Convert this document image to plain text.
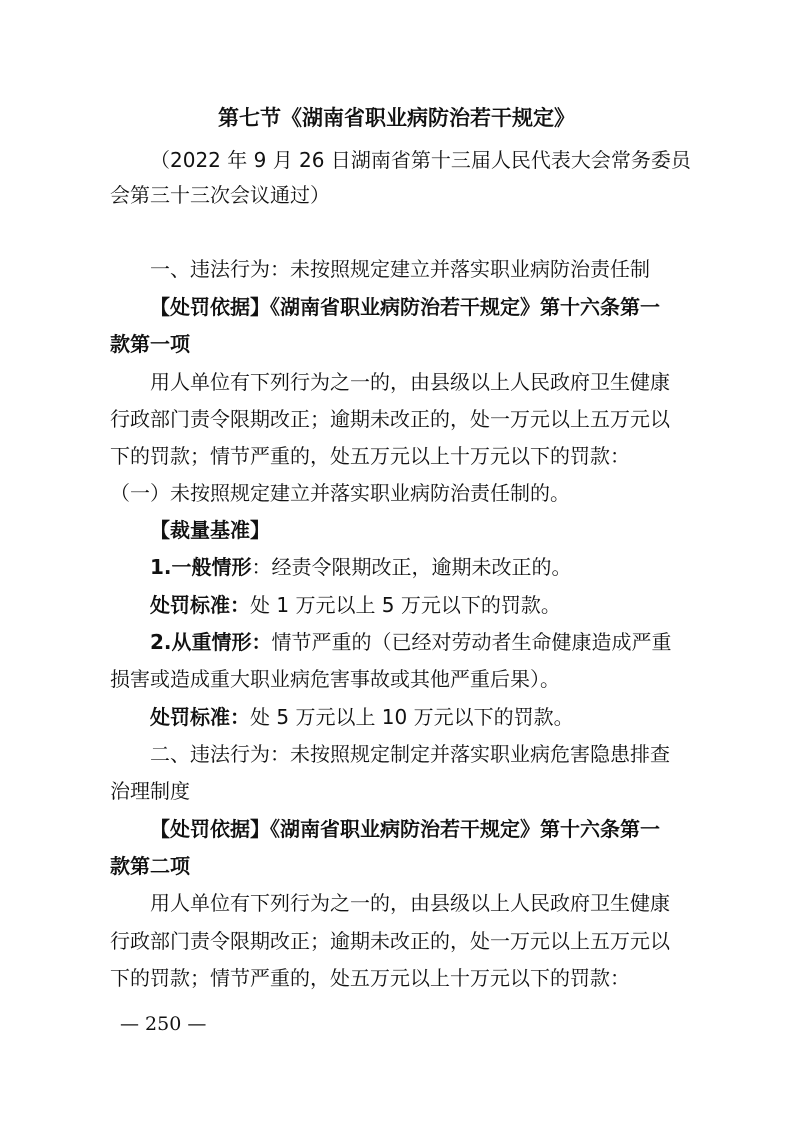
第七节《湖南省职业病防治若干规定》
（2022 年 9 月 26 日湖南省第十三届人民代表大会常务委员
会第三十三次会议通过）
一、违法行为：未按照规定建立并落实职业病防治责任制
【处罚依据】《湖南省职业病防治若干规定》第十六条第一
款第一项
用人单位有下列行为之一的，由县级以上人民政府卫生健康
行政部门责令限期改正；逾期未改正的，处一万元以上五万元以
下的罚款；情节严重的，处五万元以上十万元以下的罚款：
（一）未按照规定建立并落实职业病防治责任制的。
【裁量基准】
1.一般情形：经责令限期改正，逾期未改正的。
处罚标准：处 1 万元以上 5 万元以下的罚款。
2.从重情形：情节严重的（已经对劳动者生命健康造成严重
损害或造成重大职业病危害事故或其他严重后果）。
处罚标准：处 5 万元以上 10 万元以下的罚款。
二、违法行为：未按照规定制定并落实职业病危害隐患排查
治理制度
【处罚依据】《湖南省职业病防治若干规定》第十六条第一
款第二项
用人单位有下列行为之一的，由县级以上人民政府卫生健康
行政部门责令限期改正；逾期未改正的，处一万元以上五万元以
下的罚款；情节严重的，处五万元以上十万元以下的罚款：
— 250 —
